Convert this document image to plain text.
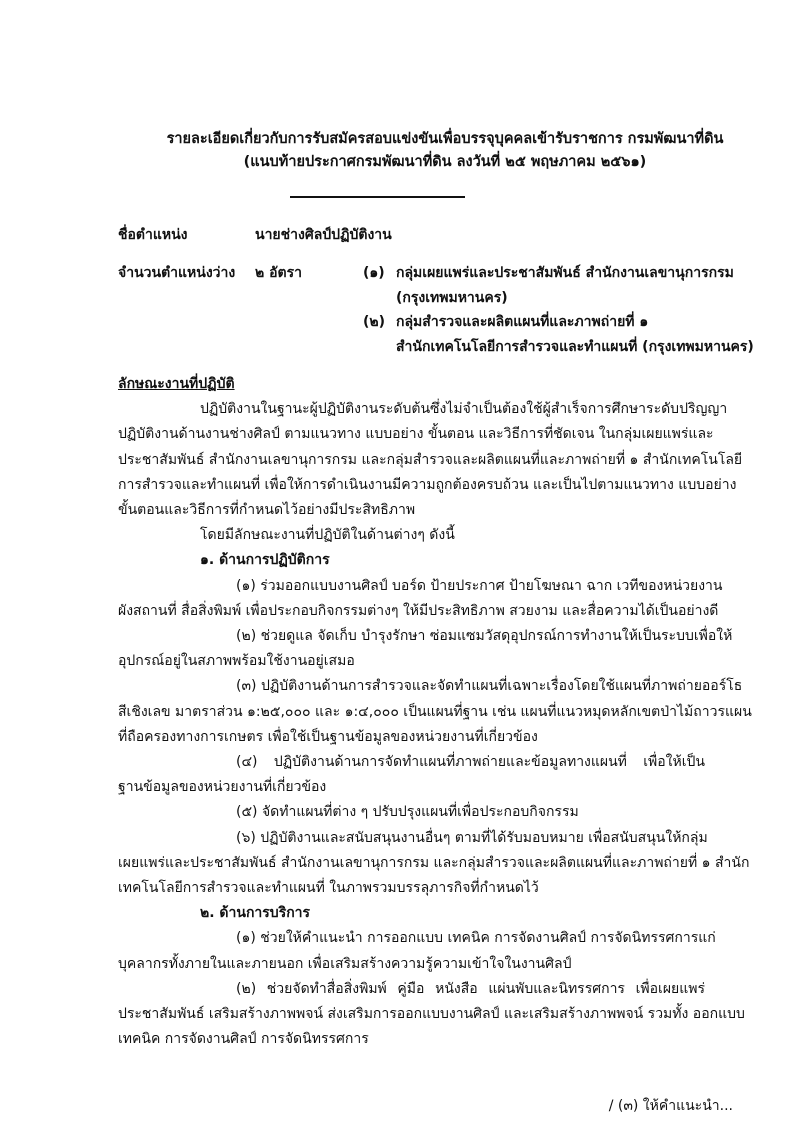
รายละเอียดเกี่ยวกับการรับสมัครสอบแข่งขันเพื่อบรรจุบุคคลเข้ารับราชการ กรมพัฒนาที่ดิน
(แนบท้ายประกาศกรมพัฒนาที่ดิน ลงวันที่ ๒๕ พฤษภาคม ๒๕๖๑)
ชื่อตำแหน่ง	นายช่างศิลป์ปฏิบัติงาน
จำนวนตำแหน่งว่าง ๒ อัตรา	(๑) กลุ่มเผยแพร่และประชาสัมพันธ์ สำนักงานเลขานุการกรม
(กรุงเทพมหานคร)
(๒) กลุ่มสำรวจและผลิตแผนที่และภาพถ่ายที่ ๑
สำนักเทคโนโลยีการสำรวจและทำแผนที่ (กรุงเทพมหานคร)
ลักษณะงานที่ปฏิบัติ
ปฏิบัติงานในฐานะผู้ปฏิบัติงานระดับต้นซึ่งไม่จำเป็นต้องใช้ผู้สำเร็จการศึกษาระดับปริญญา
ปฏิบัติงานด้านงานช่างศิลป์ ตามแนวทาง แบบอย่าง ขั้นตอน และวิธีการที่ชัดเจน ในกลุ่มเผยแพร่และ
ประชาสัมพันธ์ สำนักงานเลขานุการกรม และกลุ่มสำรวจและผลิตแผนที่และภาพถ่ายที่ ๑ สำนักเทคโนโลยี
การสำรวจและทำแผนที่ เพื่อให้การดำเนินงานมีความถูกต้องครบถ้วน และเป็นไปตามแนวทาง แบบอย่าง
ขั้นตอนและวิธีการที่กำหนดไว้อย่างมีประสิทธิภาพ
โดยมีลักษณะงานที่ปฏิบัติในด้านต่างๆ ดังนี้
๑. ด้านการปฏิบัติการ
(๑) ร่วมออกแบบงานศิลป์ บอร์ด ป้ายประกาศ ป้ายโฆษณา ฉาก เวทีของหน่วยงาน
ผังสถานที่ สื่อสิ่งพิมพ์ เพื่อประกอบกิจกรรมต่างๆ ให้มีประสิทธิภาพ สวยงาม และสื่อความได้เป็นอย่างดี
(๒) ช่วยดูแล จัดเก็บ บำรุงรักษา ซ่อมแซมวัสดุอุปกรณ์การทำงานให้เป็นระบบเพื่อให้
อุปกรณ์อยู่ในสภาพพร้อมใช้งานอยู่เสมอ
(๓) ปฏิบัติงานด้านการสำรวจและจัดทำแผนที่เฉพาะเรื่องโดยใช้แผนที่ภาพถ่ายออร์โธ
สีเชิงเลข มาตราส่วน ๑:๒๕,๐๐๐ และ ๑:๔,๐๐๐ เป็นแผนที่ฐาน เช่น แผนที่แนวหมุดหลักเขตป่าไม้ถาวรแผน
ที่ถือครองทางการเกษตร เพื่อใช้เป็นฐานข้อมูลของหน่วยงานที่เกี่ยวข้อง
(๔) ปฏิบัติงานด้านการจัดทำแผนที่ภาพถ่ายและข้อมูลทางแผนที่ เพื่อให้เป็น
ฐานข้อมูลของหน่วยงานที่เกี่ยวข้อง
(๕) จัดทำแผนที่ต่าง ๆ ปรับปรุงแผนที่เพื่อประกอบกิจกรรม
(๖) ปฏิบัติงานและสนับสนุนงานอื่นๆ ตามที่ได้รับมอบหมาย เพื่อสนับสนุนให้กลุ่ม
เผยแพร่และประชาสัมพันธ์ สำนักงานเลขานุการกรม และกลุ่มสำรวจและผลิตแผนที่และภาพถ่ายที่ ๑ สำนัก
เทคโนโลยีการสำรวจและทำแผนที่ ในภาพรวมบรรลุภารกิจที่กำหนดไว้
๒. ด้านการบริการ
(๑) ช่วยให้คำแนะนำ การออกแบบ เทคนิค การจัดงานศิลป์ การจัดนิทรรศการแก่
บุคลากรทั้งภายในและภายนอก เพื่อเสริมสร้างความรู้ความเข้าใจในงานศิลป์
(๒) ช่วยจัดทำสื่อสิ่งพิมพ์ คู่มือ หนังสือ แผ่นพับและนิทรรศการ เพื่อเผยแพร่
ประชาสัมพันธ์ เสริมสร้างภาพพจน์ ส่งเสริมการออกแบบงานศิลป์ และเสริมสร้างภาพพจน์ รวมทั้ง ออกแบบ
เทคนิค การจัดงานศิลป์ การจัดนิทรรศการ
/ (๓) ให้คำแนะนำ...
